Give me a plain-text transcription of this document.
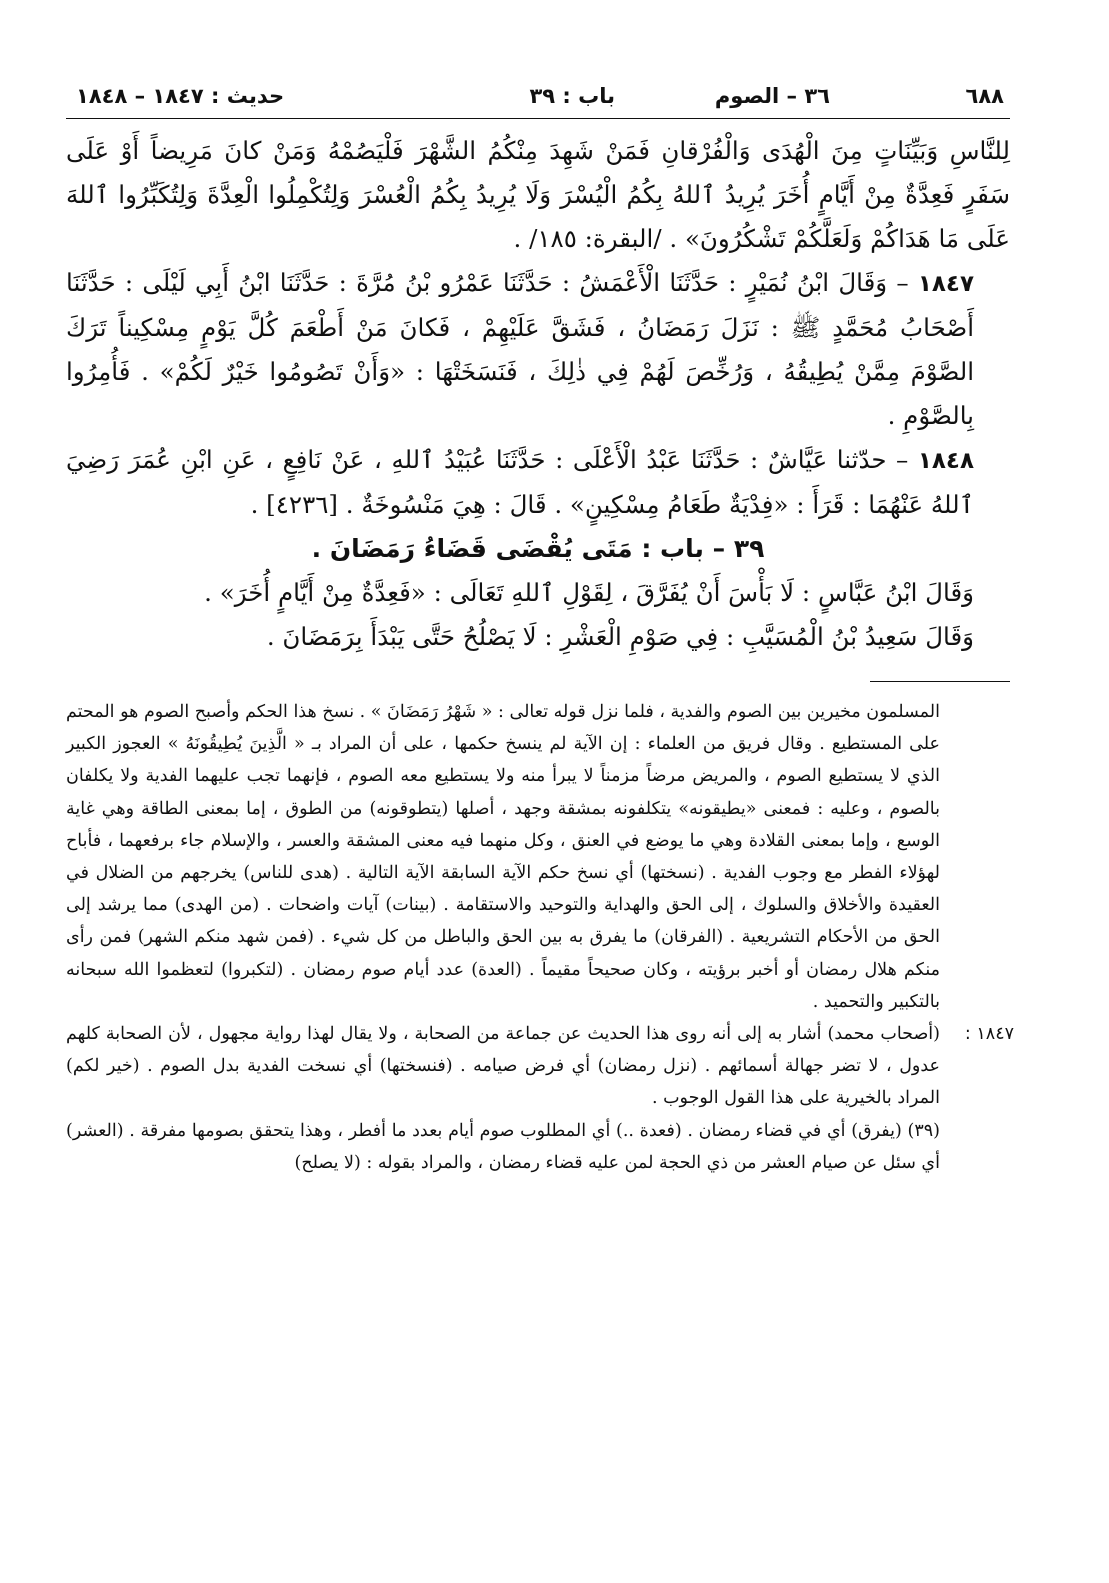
٦٨٨
٣٦ – الصوم
باب : ٣٩
حديث : ١٨٤٧ – ١٨٤٨

لِلنَّاسِ وَبَيِّنَاتٍ مِنَ الْهُدَى وَالْفُرْقانِ فَمَنْ شَهِدَ مِنْكُمُ الشَّهْرَ فَلْيَصُمْهُ وَمَنْ كانَ مَرِيضاً أَوْ عَلَى سَفَرٍ فَعِدَّةٌ مِنْ أَيَّامٍ أُخَرَ يُرِيدُ ٱللهُ بِكُمُ الْيُسْرَ وَلَا يُرِيدُ بِكُمُ الْعُسْرَ وَلِتُكْمِلُوا الْعِدَّةَ وَلِتُكَبِّرُوا ٱللهَ عَلَى مَا هَدَاكُمْ وَلَعَلَّكُمْ تَشْكُرُونَ» . /البقرة: ١٨٥/ .

١٨٤٧ – وَقَالَ ابْنُ نُمَيْرٍ : حَدَّثَنَا الْأَعْمَشُ : حَدَّثَنَا عَمْرُو بْنُ مُرَّةَ : حَدَّثَنَا ابْنُ أَبِي لَيْلَى : حَدَّثَنَا أَصْحَابُ مُحَمَّدٍ ﷺ : نَزَلَ رَمَضَانُ ، فَشَقَّ عَلَيْهِمْ ، فَكانَ مَنْ أَطْعَمَ كُلَّ يَوْمٍ مِسْكِيناً تَرَكَ الصَّوْمَ مِمَّنْ يُطِيقُهُ ، وَرُخِّصَ لَهُمْ فِي ذٰلِكَ ، فَنَسَخَتْهَا : «وَأَنْ تَصُومُوا خَيْرٌ لَكُمْ» . فَأُمِرُوا بِالصَّوْمِ .

١٨٤٨ – حدّثنا عَيَّاشٌ : حَدَّثَنَا عَبْدُ الْأَعْلَى : حَدَّثَنَا عُبَيْدُ ٱللهِ ، عَنْ نَافِعٍ ، عَنِ ابْنِ عُمَرَ رَضِيَ ٱللهُ عَنْهُمَا : قَرَأَ : «فِدْيَةٌ طَعَامُ مِسْكِينٍ» . قَالَ : هِيَ مَنْسُوخَةٌ . [٤٢٣٦] .

٣٩ – باب : مَتَى يُقْضَى قَضَاءُ رَمَضَانَ .

وَقَالَ ابْنُ عَبَّاسٍ : لَا بَأْسَ أَنْ يُفَرَّقَ ، لِقَوْلِ ٱللهِ تَعَالَى : «فَعِدَّةٌ مِنْ أَيَّامٍ أُخَرَ» .

وَقَالَ سَعِيدُ بْنُ الْمُسَيَّبِ : فِي صَوْمِ الْعَشْرِ : لَا يَصْلُحُ حَتَّى يَبْدَأَ بِرَمَضَانَ .

المسلمون مخيرين بين الصوم والفدية ، فلما نزل قوله تعالى : « شَهْرُ رَمَضَانَ » . نسخ هذا الحكم وأصبح الصوم هو المحتم على المستطيع . وقال فريق من العلماء : إن الآية لم ينسخ حكمها ، على أن المراد بـ « الَّذِينَ يُطِيقُونَهُ » العجوز الكبير الذي لا يستطيع الصوم ، والمريض مرضاً مزمناً لا يبرأ منه ولا يستطيع معه الصوم ، فإنهما تجب عليهما الفدية ولا يكلفان بالصوم ، وعليه : فمعنى «يطيقونه» يتكلفونه بمشقة وجهد ، أصلها (يتطوقونه) من الطوق ، إما بمعنى الطاقة وهي غاية الوسع ، وإما بمعنى القلادة وهي ما يوضع في العنق ، وكل منهما فيه معنى المشقة والعسر ، والإسلام جاء برفعهما ، فأباح لهؤلاء الفطر مع وجوب الفدية . (نسختها) أي نسخ حكم الآية السابقة الآية التالية . (هدى للناس) يخرجهم من الضلال في العقيدة والأخلاق والسلوك ، إلى الحق والهداية والتوحيد والاستقامة . (بينات) آيات واضحات . (من الهدى) مما يرشد إلى الحق من الأحكام التشريعية . (الفرقان) ما يفرق به بين الحق والباطل من كل شيء . (فمن شهد منكم الشهر) فمن رأى منكم هلال رمضان أو أخبر برؤيته ، وكان صحيحاً مقيماً . (العدة) عدد أيام صوم رمضان . (لتكبروا) لتعظموا الله سبحانه بالتكبير والتحميد .

١٨٤٧ :
(أصحاب محمد) أشار به إلى أنه روى هذا الحديث عن جماعة من الصحابة ، ولا يقال لهذا رواية مجهول ، لأن الصحابة كلهم عدول ، لا تضر جهالة أسمائهم . (نزل رمضان) أي فرض صيامه . (فنسختها) أي نسخت الفدية بدل الصوم . (خير لكم) المراد بالخيرية على هذا القول الوجوب .

(٣٩) (يفرق) أي في قضاء رمضان . (فعدة ..) أي المطلوب صوم أيام بعدد ما أفطر ، وهذا يتحقق بصومها مفرقة . (العشر) أي سئل عن صيام العشر من ذي الحجة لمن عليه قضاء رمضان ، والمراد بقوله : (لا يصلح)
